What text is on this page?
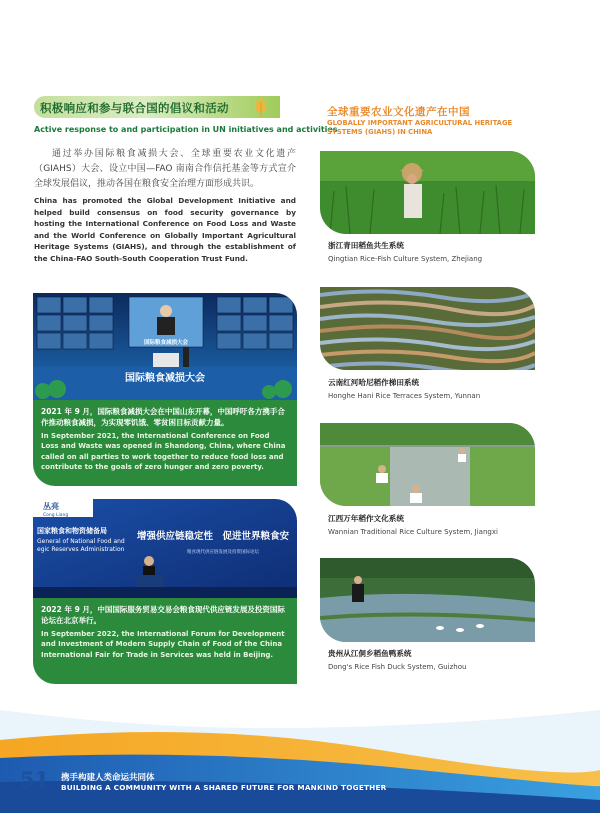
积极响应和参与联合国的倡议和活动
Active response to and participation in UN initiatives and activities

通过举办国际粮食减损大会、全球重要农业文化遗产（GIAHS）大会、设立中国—FAO 南南合作信托基金等方式宣介全球发展倡议，推动各国在粮食安全治理方面形成共识。

China has promoted the Global Development Initiative and helped build consensus on food security governance by hosting the International Conference on Food Loss and Waste and the World Conference on Globally Important Agricultural Heritage Systems (GIAHS), and through the establishment of the China-FAO South-South Cooperation Trust Fund.

国际粮食减损大会
国际粮食减损大会

2021 年 9 月，国际粮食减损大会在中国山东开幕，中国呼吁各方携手合作推动粮食减损，为实现零饥饿、零贫困目标贡献力量。

In September 2021, the International Conference on Food Loss and Waste was opened in Shandong, China, where China called on all parties to work together to reduce food loss and contribute to the goals of zero hunger and zero poverty.

丛亮
Cong Liang
国家粮食和物资储备局
General of National Food and
egic Reserves Administration
增强供应链稳定性　促进世界粮食安
粮食现代供应链发展及投资国际论坛

2022 年 9 月，中国国际服务贸易交易会粮食现代供应链发展及投资国际论坛在北京举行。

In September 2022, the International Forum for Development and Investment of Modern Supply Chain of Food of the China International Fair for Trade in Services was held in Beijing.

全球重要农业文化遗产在中国
GLOBALLY IMPORTANT AGRICULTURAL HERITAGE SYSTEMS (GIAHS) IN CHINA
浙江青田稻鱼共生系统
Qingtian Rice-Fish Culture System, Zhejiang
云南红河哈尼稻作梯田系统
Honghe Hani Rice Terraces System, Yunnan
江西万年稻作文化系统
Wannian Traditional Rice Culture System, Jiangxi
贵州从江侗乡稻鱼鸭系统
Dong's Rice Fish Duck System, Guizhou
51 携手构建人类命运共同体
BUILDING A COMMUNITY WITH A SHARED FUTURE FOR MANKIND TOGETHER
